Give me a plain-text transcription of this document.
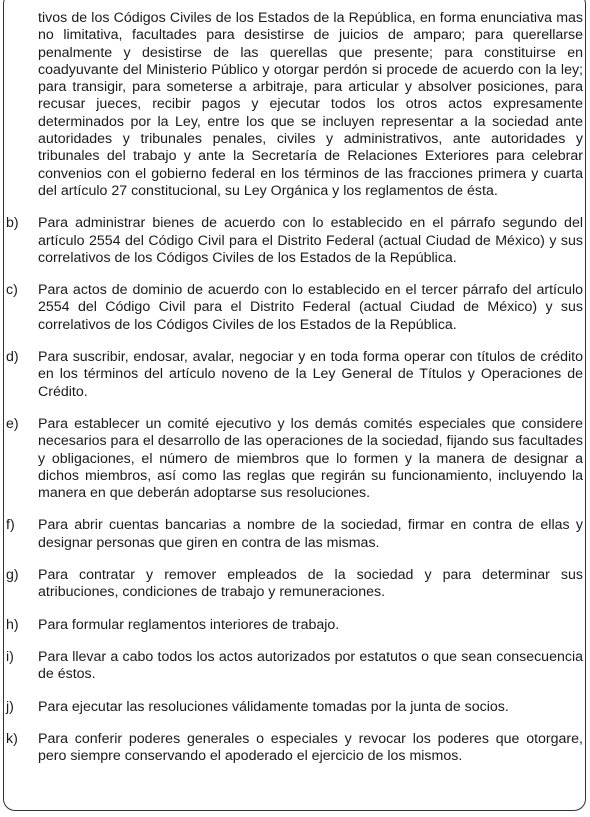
tivos de los Códigos Civiles de los Estados de la República, en forma enunciativa mas no limitativa, facultades para desistirse de juicios de amparo; para querellarse penalmente y desistirse de las querellas que presente; para constituirse en coadyuvante del Ministerio Público y otorgar perdón si procede de acuerdo con la ley; para transigir, para someterse a arbitraje, para articular y absolver posiciones, para recusar jueces, recibir pagos y ejecutar todos los otros actos expresamente determinados por la Ley, entre los que se incluyen representar a la sociedad ante autoridades y tribunales penales, civiles y administrativos, ante autoridades y tribunales del trabajo y ante la Secretaría de Relaciones Exteriores para celebrar convenios con el gobierno federal en los términos de las fracciones primera y cuarta del artículo 27 constitucional, su Ley Orgánica y los reglamentos de ésta.
b) Para administrar bienes de acuerdo con lo establecido en el párrafo segundo del artículo 2554 del Código Civil para el Distrito Federal (actual Ciudad de México) y sus correlativos de los Códigos Civiles de los Estados de la República.
c) Para actos de dominio de acuerdo con lo establecido en el tercer párrafo del artículo 2554 del Código Civil para el Distrito Federal (actual Ciudad de México) y sus correlativos de los Códigos Civiles de los Estados de la República.
d) Para suscribir, endosar, avalar, negociar y en toda forma operar con títulos de crédito en los términos del artículo noveno de la Ley General de Títulos y Operaciones de Crédito.
e) Para establecer un comité ejecutivo y los demás comités especiales que considere necesarios para el desarrollo de las operaciones de la sociedad, fijando sus facultades y obligaciones, el número de miembros que lo formen y la manera de designar a dichos miembros, así como las reglas que regirán su funcionamiento, incluyendo la manera en que deberán adoptarse sus resoluciones.
f) Para abrir cuentas bancarias a nombre de la sociedad, firmar en contra de ellas y designar personas que giren en contra de las mismas.
g) Para contratar y remover empleados de la sociedad y para determinar sus atribuciones, condiciones de trabajo y remuneraciones.
h) Para formular reglamentos interiores de trabajo.
i) Para llevar a cabo todos los actos autorizados por estatutos o que sean consecuencia de éstos.
j) Para ejecutar las resoluciones válidamente tomadas por la junta de socios.
k) Para conferir poderes generales o especiales y revocar los poderes que otorgare, pero siempre conservando el apoderado el ejercicio de los mismos.
